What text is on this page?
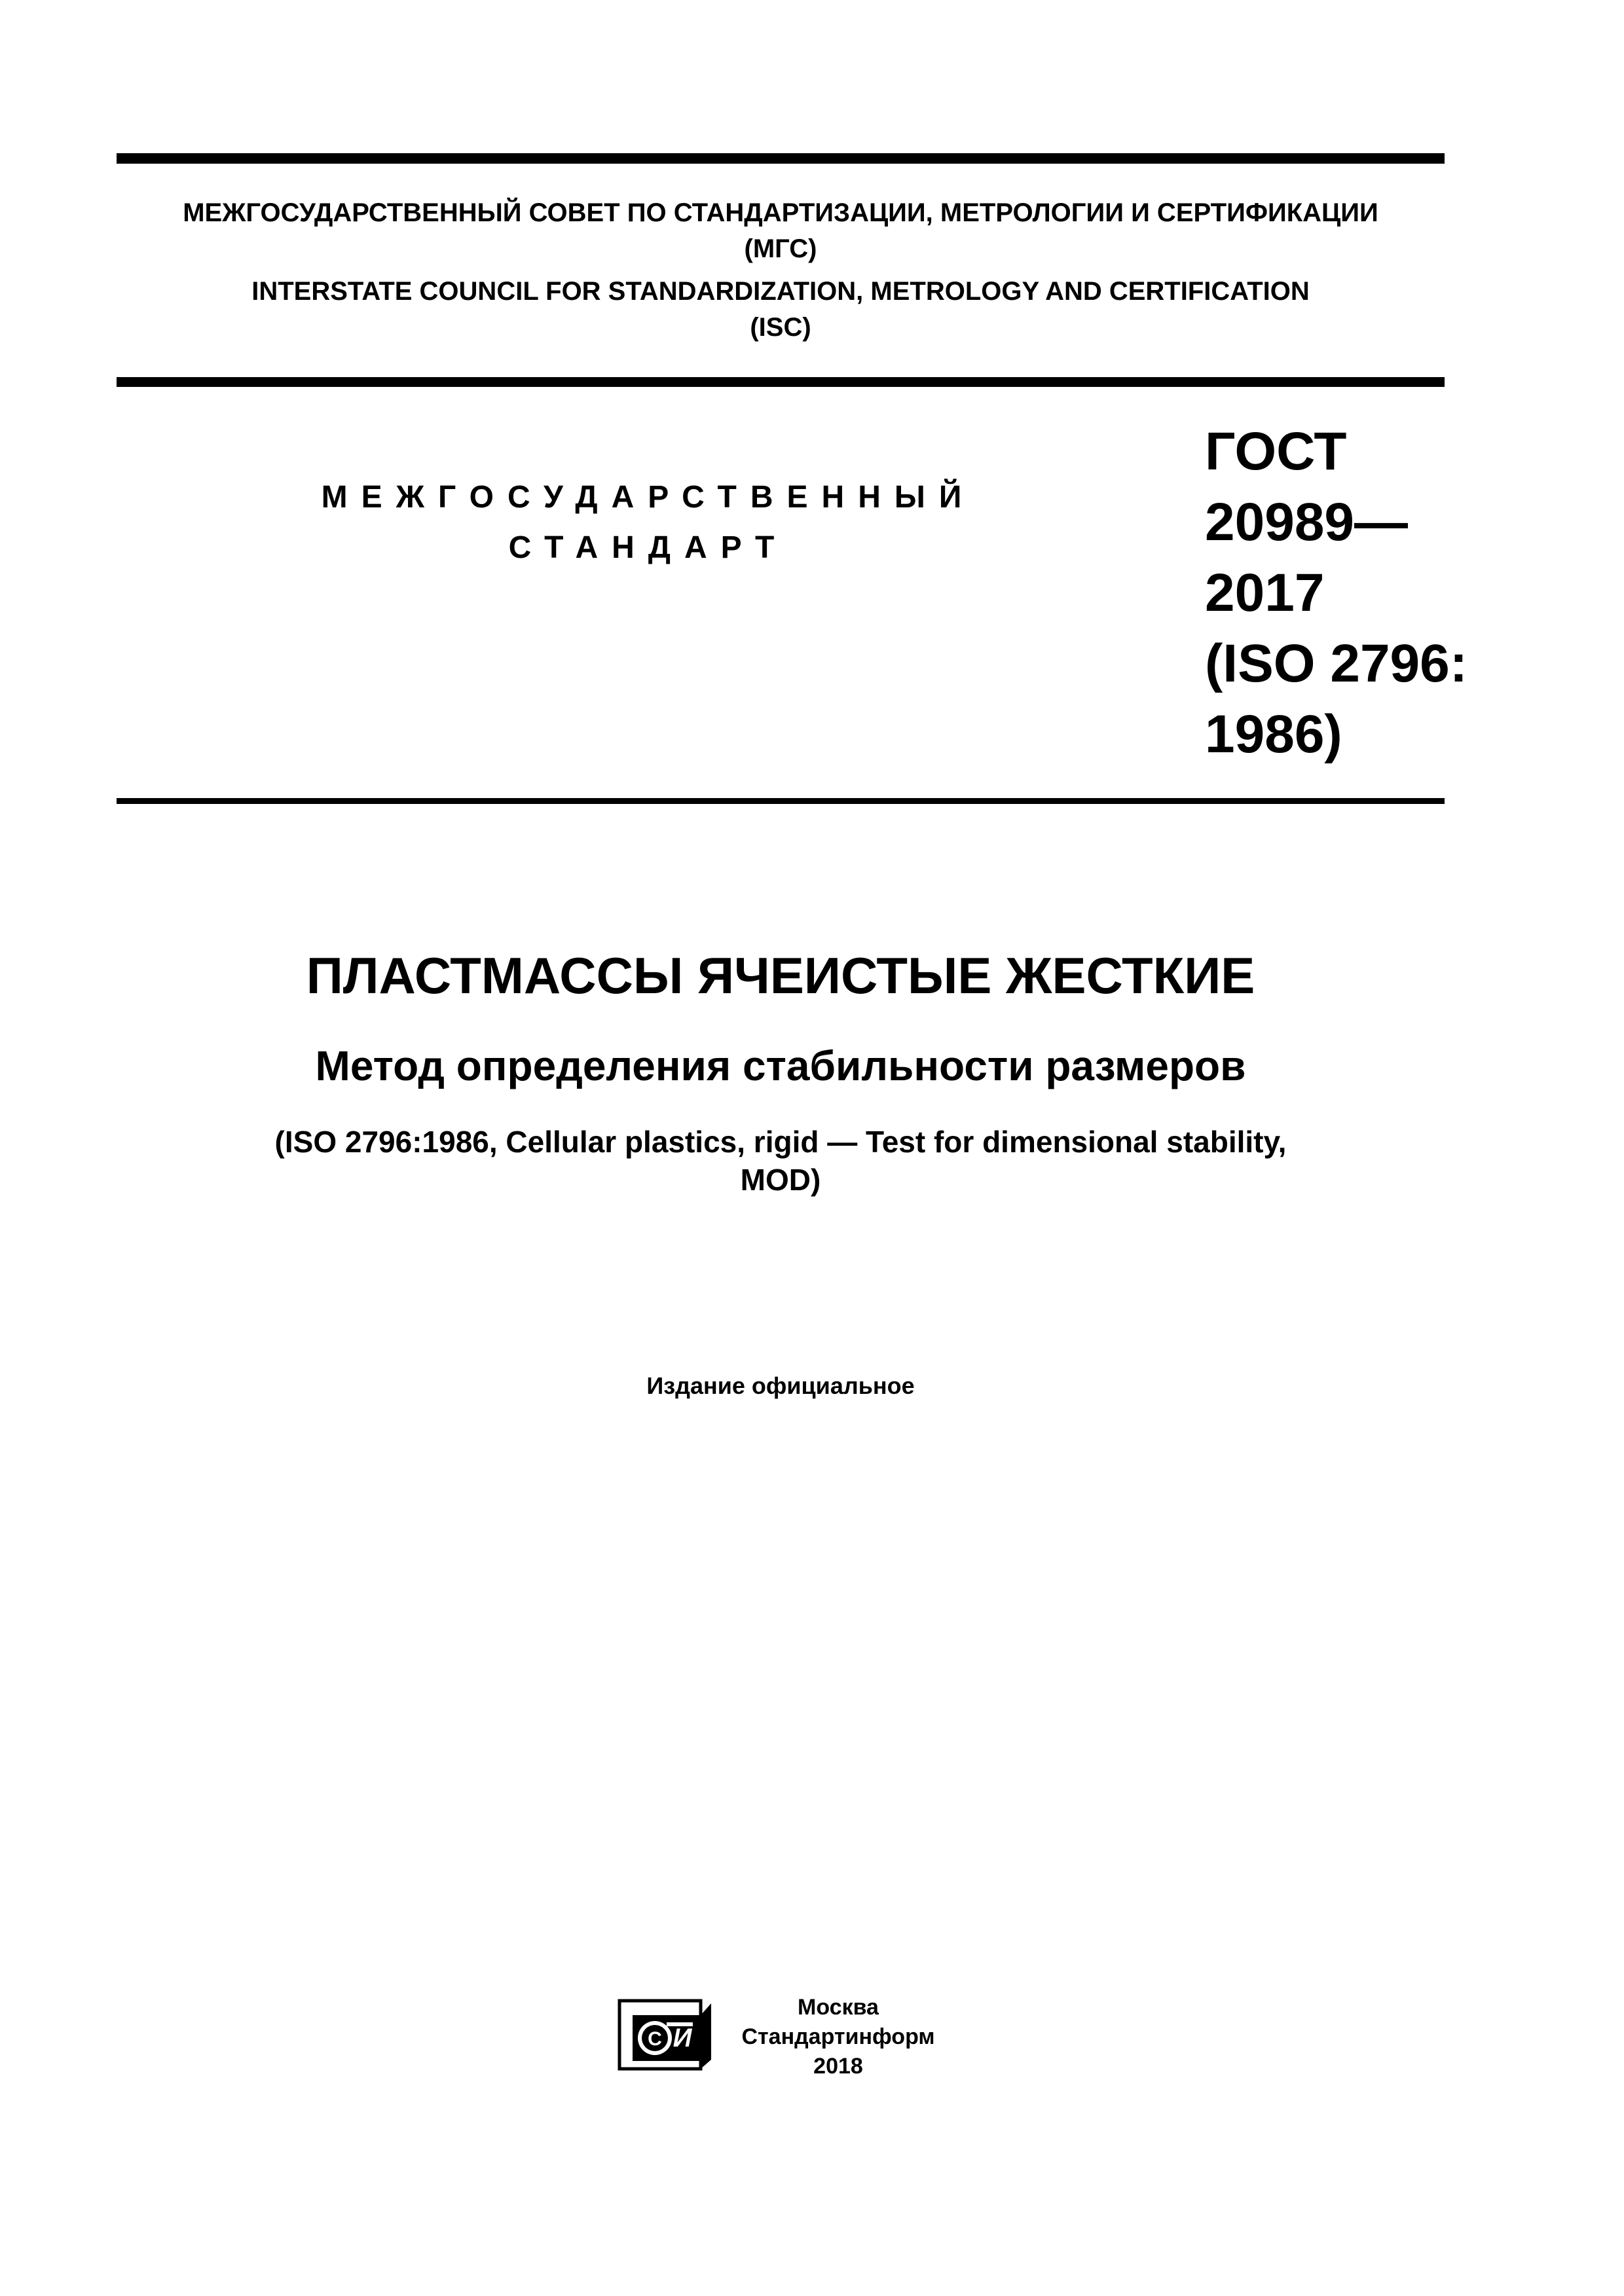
МЕЖГОСУДАРСТВЕННЫЙ СОВЕТ ПО СТАНДАРТИЗАЦИИ, МЕТРОЛОГИИ И СЕРТИФИКАЦИИ
(МГС)
INTERSTATE COUNCIL FOR STANDARDIZATION, METROLOGY AND CERTIFICATION
(ISC)
МЕЖГОСУДАРСТВЕННЫЙ
СТАНДАРТ
ГОСТ
20989—
2017
(ISO 2796:
1986)
ПЛАСТМАССЫ ЯЧЕИСТЫЕ ЖЕСТКИЕ
Метод определения стабильности размеров
(ISO 2796:1986, Cellular plastics, rigid — Test for dimensional stability,
MOD)
Издание официальное
С И
Москва
Стандартинформ
2018
